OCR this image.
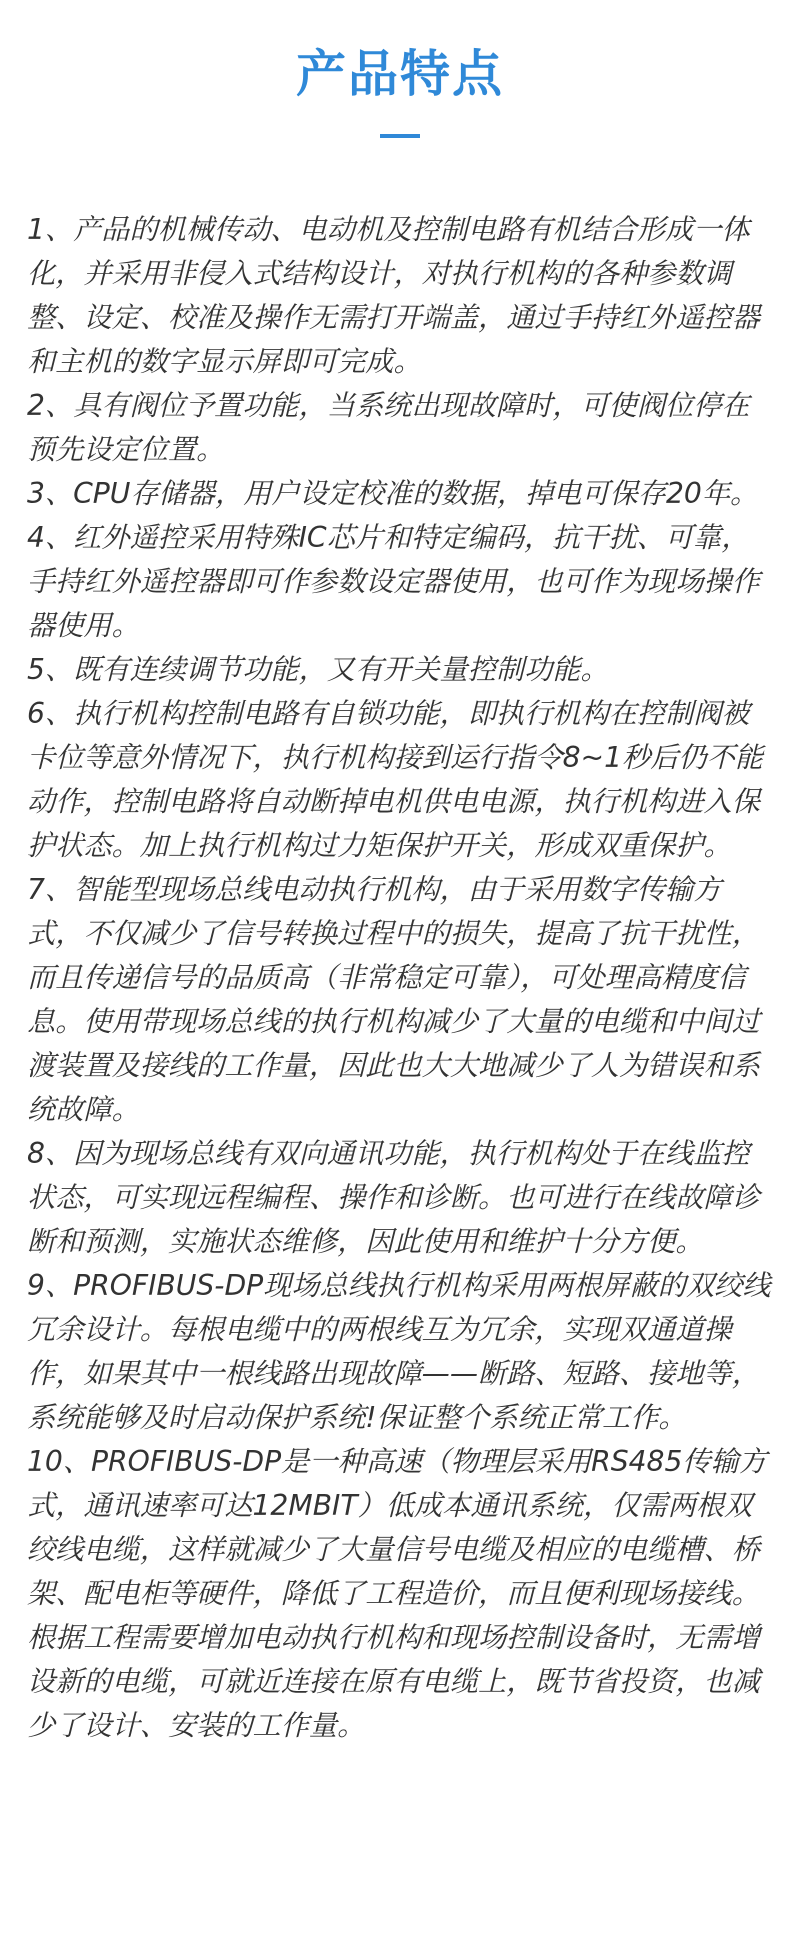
产品特点

1、产品的机械传动、电动机及控制电路有机结合形成一体化，并采用非侵入式结构设计，对执行机构的各种参数调整、设定、校准及操作无需打开端盖，通过手持红外遥控器和主机的数字显示屏即可完成。

2、具有阀位予置功能，当系统出现故障时，可使阀位停在预先设定位置。

3、CPU存储器，用户设定校准的数据，掉电可保存20年。

4、红外遥控采用特殊IC芯片和特定编码，抗干扰、可靠，手持红外遥控器即可作参数设定器使用，也可作为现场操作器使用。

5、既有连续调节功能，又有开关量控制功能。

6、执行机构控制电路有自锁功能，即执行机构在控制阀被卡位等意外情况下，执行机构接到运行指令8~1秒后仍不能动作，控制电路将自动断掉电机供电电源，执行机构进入保护状态。加上执行机构过力矩保护开关，形成双重保护。

7、智能型现场总线电动执行机构，由于采用数字传输方式，不仅减少了信号转换过程中的损失，提高了抗干扰性，而且传递信号的品质高（非常稳定可靠），可处理高精度信息。使用带现场总线的执行机构减少了大量的电缆和中间过渡装置及接线的工作量，因此也大大地减少了人为错误和系统故障。

8、因为现场总线有双向通讯功能，执行机构处于在线监控状态，可实现远程编程、操作和诊断。也可进行在线故障诊断和预测，实施状态维修，因此使用和维护十分方便。

9、PROFIBUS-DP现场总线执行机构采用两根屏蔽的双绞线冗余设计。每根电缆中的两根线互为冗余，实现双通道操作，如果其中一根线路出现故障——断路、短路、接地等，系统能够及时启动保护系统!保证整个系统正常工作。

10、PROFIBUS-DP是一种高速（物理层采用RS485传输方式，通讯速率可达12MBIT）低成本通讯系统，仅需两根双绞线电缆，这样就减少了大量信号电缆及相应的电缆槽、桥架、配电柜等硬件，降低了工程造价，而且便利现场接线。根据工程需要增加电动执行机构和现场控制设备时，无需增设新的电缆，可就近连接在原有电缆上，既节省投资，也减少了设计、安装的工作量。
